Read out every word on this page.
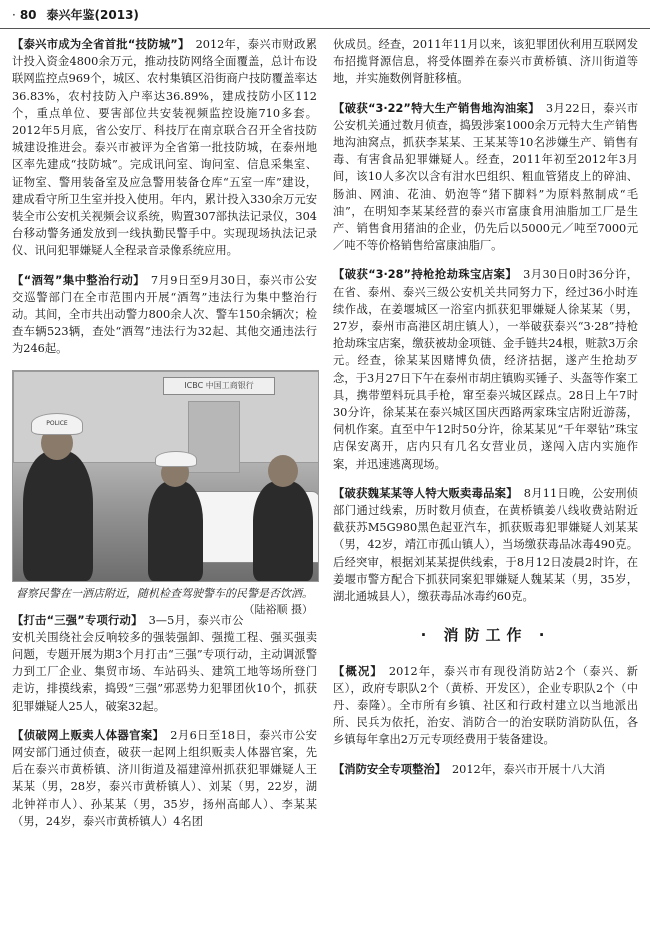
· 80 泰兴年鉴(2013)

【泰兴市成为全省首批“技防城”】 2012年，泰兴市财政累计投入资金4800余万元，推动技防网络全面覆盖，总计布设联网监控点969个，城区、农村集镇区沿街商户技防覆盖率达36.83%，农村技防入户率达36.89%，建成技防小区112个，重点单位、要害部位共安装视频监控设施710多套。2012年5月底，省公安厅、科技厅在南京联合召开全省技防城建设推进会。泰兴市被评为全省第一批技防城，在泰州地区率先建成“技防城”。完成讯问室、询问室、信息采集室、证物室、警用装备室及应急警用装备仓库“五室一库”建设，建成看守所卫生室并投入使用。年内，累计投入330余万元安装全市公安机关视频会议系统，购置307部执法记录仪，304台移动警务通发放到一线执勤民警手中。实现现场执法记录仪、讯问犯罪嫌疑人全程录音录像系统应用。

【“酒驾”集中整治行动】 7月9日至9月30日，泰兴市公安交巡警部门在全市范围内开展“酒驾”违法行为集中整治行动。其间，全市共出动警力800余人次、警车150余辆次；检查车辆523辆，查处“酒驾”违法行为32起、其他交通违法行为246起。

ICBC 中国工商银行
POLICE
督察民警在一酒店附近，随机检查驾驶警车的民警是否饮酒。
（陆裕顺 摄）

【打击“三强”专项行动】 3—5月，泰兴市公安机关围绕社会反响较多的强装强卸、强揽工程、强买强卖问题，专题开展为期3个月打击“三强”专项行动，主动调派警力到工厂企业、集贸市场、车站码头、建筑工地等场所登门走访，排摸线索，捣毁“三强”邪恶势力犯罪团伙10个，抓获犯罪嫌疑人25人，破案32起。

【侦破网上贩卖人体器官案】 2月6日至18日，泰兴市公安网安部门通过侦查，破获一起网上组织贩卖人体器官案，先后在泰兴市黄桥镇、济川街道及福建漳州抓获犯罪嫌疑人王某某（男，28岁，泰兴市黄桥镇人）、刘某（男，22岁，湖北钟祥市人）、孙某某（男，35岁，扬州高邮人）、李某某（男，24岁，泰兴市黄桥镇人）4名团

伙成员。经查，2011年11月以来，该犯罪团伙利用互联网发布招揽肾源信息，将受体圈养在泰兴市黄桥镇、济川街道等地，并实施数例肾脏移植。

【破获“3·22”特大生产销售地沟油案】 3月22日，泰兴市公安机关通过数月侦查，捣毁涉案1000余万元特大生产销售地沟油窝点，抓获李某某、王某某等10名涉嫌生产、销售有毒、有害食品犯罪嫌疑人。经查，2011年初至2012年3月间，该10人多次以含有泔水巴组织、粗血管猪皮上的碎油、肠油、网油、花油、奶泡等“猪下脚料”为原料熬制成“毛油”，在明知李某某经营的泰兴市富康食用油脂加工厂是生产、销售食用猪油的企业，仍先后以5000元／吨至7000元／吨不等价格销售给富康油脂厂。

【破获“3·28”持枪抢劫珠宝店案】 3月30日0时36分许，在省、泰州、泰兴三级公安机关共同努力下，经过36小时连续作战，在姜堰城区一浴室内抓获犯罪嫌疑人徐某某（男，27岁，泰州市高港区胡庄镇人），一举破获泰兴“3·28”持枪抢劫珠宝店案，缴获被劫金项链、金手链共24根，赃款3万余元。经查，徐某某因赌博负债，经济拮据，遂产生抢劫歹念，于3月27日下午在泰州市胡庄镇购买锤子、头盔等作案工具，携带塑料玩具手枪，窜至泰兴城区踩点。28日上午7时30分许，徐某某在泰兴城区国庆西路两家珠宝店附近游荡，伺机作案。直至中午12时50分许，徐某某见“千年翠钻”珠宝店保安离开，店内只有几名女营业员，遂闯入店内实施作案，并迅速逃离现场。

【破获魏某某等人特大贩卖毒品案】 8月11日晚，公安刑侦部门通过线索，历时数月侦查，在黄桥镇姜八线收费站附近截获苏M5G980黑色起亚汽车，抓获贩毒犯罪嫌疑人刘某某（男，42岁，靖江市孤山镇人），当场缴获毒品冰毒490克。后经突审，根据刘某某提供线索，于8月12日凌晨2时许，在姜堰市警方配合下抓获同案犯罪嫌疑人魏某某（男，35岁，湖北通城县人），缴获毒品冰毒约60克。

· 消防工作 ·

【概况】 2012年，泰兴市有现役消防站2个（泰兴、新区），政府专职队2个（黄桥、开发区），企业专职队2个（中丹、泰隆）。全市所有乡镇、社区和行政村建立以当地派出所、民兵为依托，治安、消防合一的治安联防消防队伍，各乡镇每年拿出2万元专项经费用于装备建设。

【消防安全专项整治】 2012年，泰兴市开展十八大消
